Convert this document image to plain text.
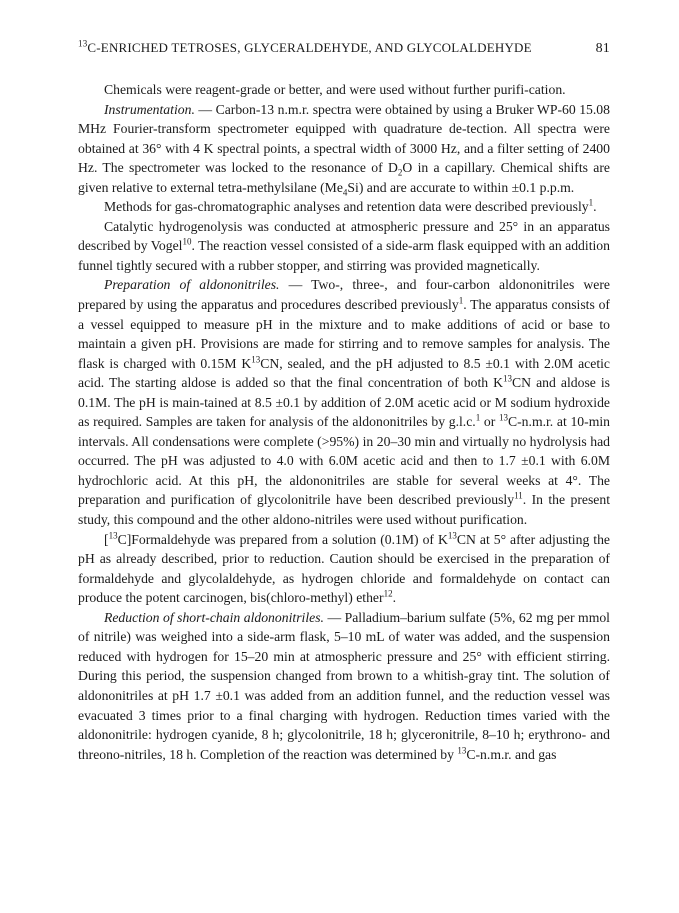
$^{13}$C-ENRICHED TETROSES, GLYCERALDEHYDE, AND GLYCOLALDEHYDE	81

Chemicals were reagent-grade or better, and were used without further purifi-cation.

Instrumentation. — Carbon-13 n.m.r. spectra were obtained by using a Bruker WP-60 15.08 MHz Fourier-transform spectrometer equipped with quadrature de-tection. All spectra were obtained at 36° with 4 K spectral points, a spectral width of 3000 Hz, and a filter setting of 2400 Hz. The spectrometer was locked to the resonance of $D_2O$ in a capillary. Chemical shifts are given relative to external tetra-methylsilane $(Me_4Si)$ and are accurate to within ±0.1 p.p.m.

Methods for gas-chromatographic analyses and retention data were described previously$^1$.

Catalytic hydrogenolysis was conducted at atmospheric pressure and 25° in an apparatus described by Vogel$^{10}$. The reaction vessel consisted of a side-arm flask equipped with an addition funnel tightly secured with a rubber stopper, and stirring was provided magnetically.

Preparation of aldononitriles. — Two-, three-, and four-carbon aldononitriles were prepared by using the apparatus and procedures described previously$^1$. The apparatus consists of a vessel equipped to measure pH in the mixture and to make additions of acid or base to maintain a given pH. Provisions are made for stirring and to remove samples for analysis. The flask is charged with 0.15M $K^{13}CN$, sealed, and the pH adjusted to 8.5 ±0.1 with 2.0M acetic acid. The starting aldose is added so that the final concentration of both $K^{13}CN$ and aldose is 0.1M. The pH is main-tained at 8.5 ±0.1 by addition of 2.0M acetic acid or M sodium hydroxide as required. Samples are taken for analysis of the aldononitriles by g.l.c.$^1$ or $^{13}$C-n.m.r. at 10-min intervals. All condensations were complete (>95%) in 20–30 min and virtually no hydrolysis had occurred. The pH was adjusted to 4.0 with 6.0M acetic acid and then to 1.7 ±0.1 with 6.0M hydrochloric acid. At this pH, the aldononitriles are stable for several weeks at 4°. The preparation and purification of glycolonitrile have been described previously$^{11}$. In the present study, this compound and the other aldono-nitriles were used without purification.

[$^{13}$C]Formaldehyde was prepared from a solution (0.1M) of $K^{13}CN$ at 5° after adjusting the pH as already described, prior to reduction. Caution should be exercised in the preparation of formaldehyde and glycolaldehyde, as hydrogen chloride and formaldehyde on contact can produce the potent carcinogen, bis(chloro-methyl) ether$^{12}$.

Reduction of short-chain aldononitriles. — Palladium–barium sulfate (5%, 62 mg per mmol of nitrile) was weighed into a side-arm flask, 5–10 mL of water was added, and the suspension reduced with hydrogen for 15–20 min at atmospheric pressure and 25° with efficient stirring. During this period, the suspension changed from brown to a whitish-gray tint. The solution of aldononitriles at pH 1.7 ±0.1 was added from an addition funnel, and the reduction vessel was evacuated 3 times prior to a final charging with hydrogen. Reduction times varied with the aldononitrile: hydrogen cyanide, 8 h; glycolonitrile, 18 h; glyceronitrile, 8–10 h; erythrono- and threono-nitriles, 18 h. Completion of the reaction was determined by $^{13}$C-n.m.r. and gas
